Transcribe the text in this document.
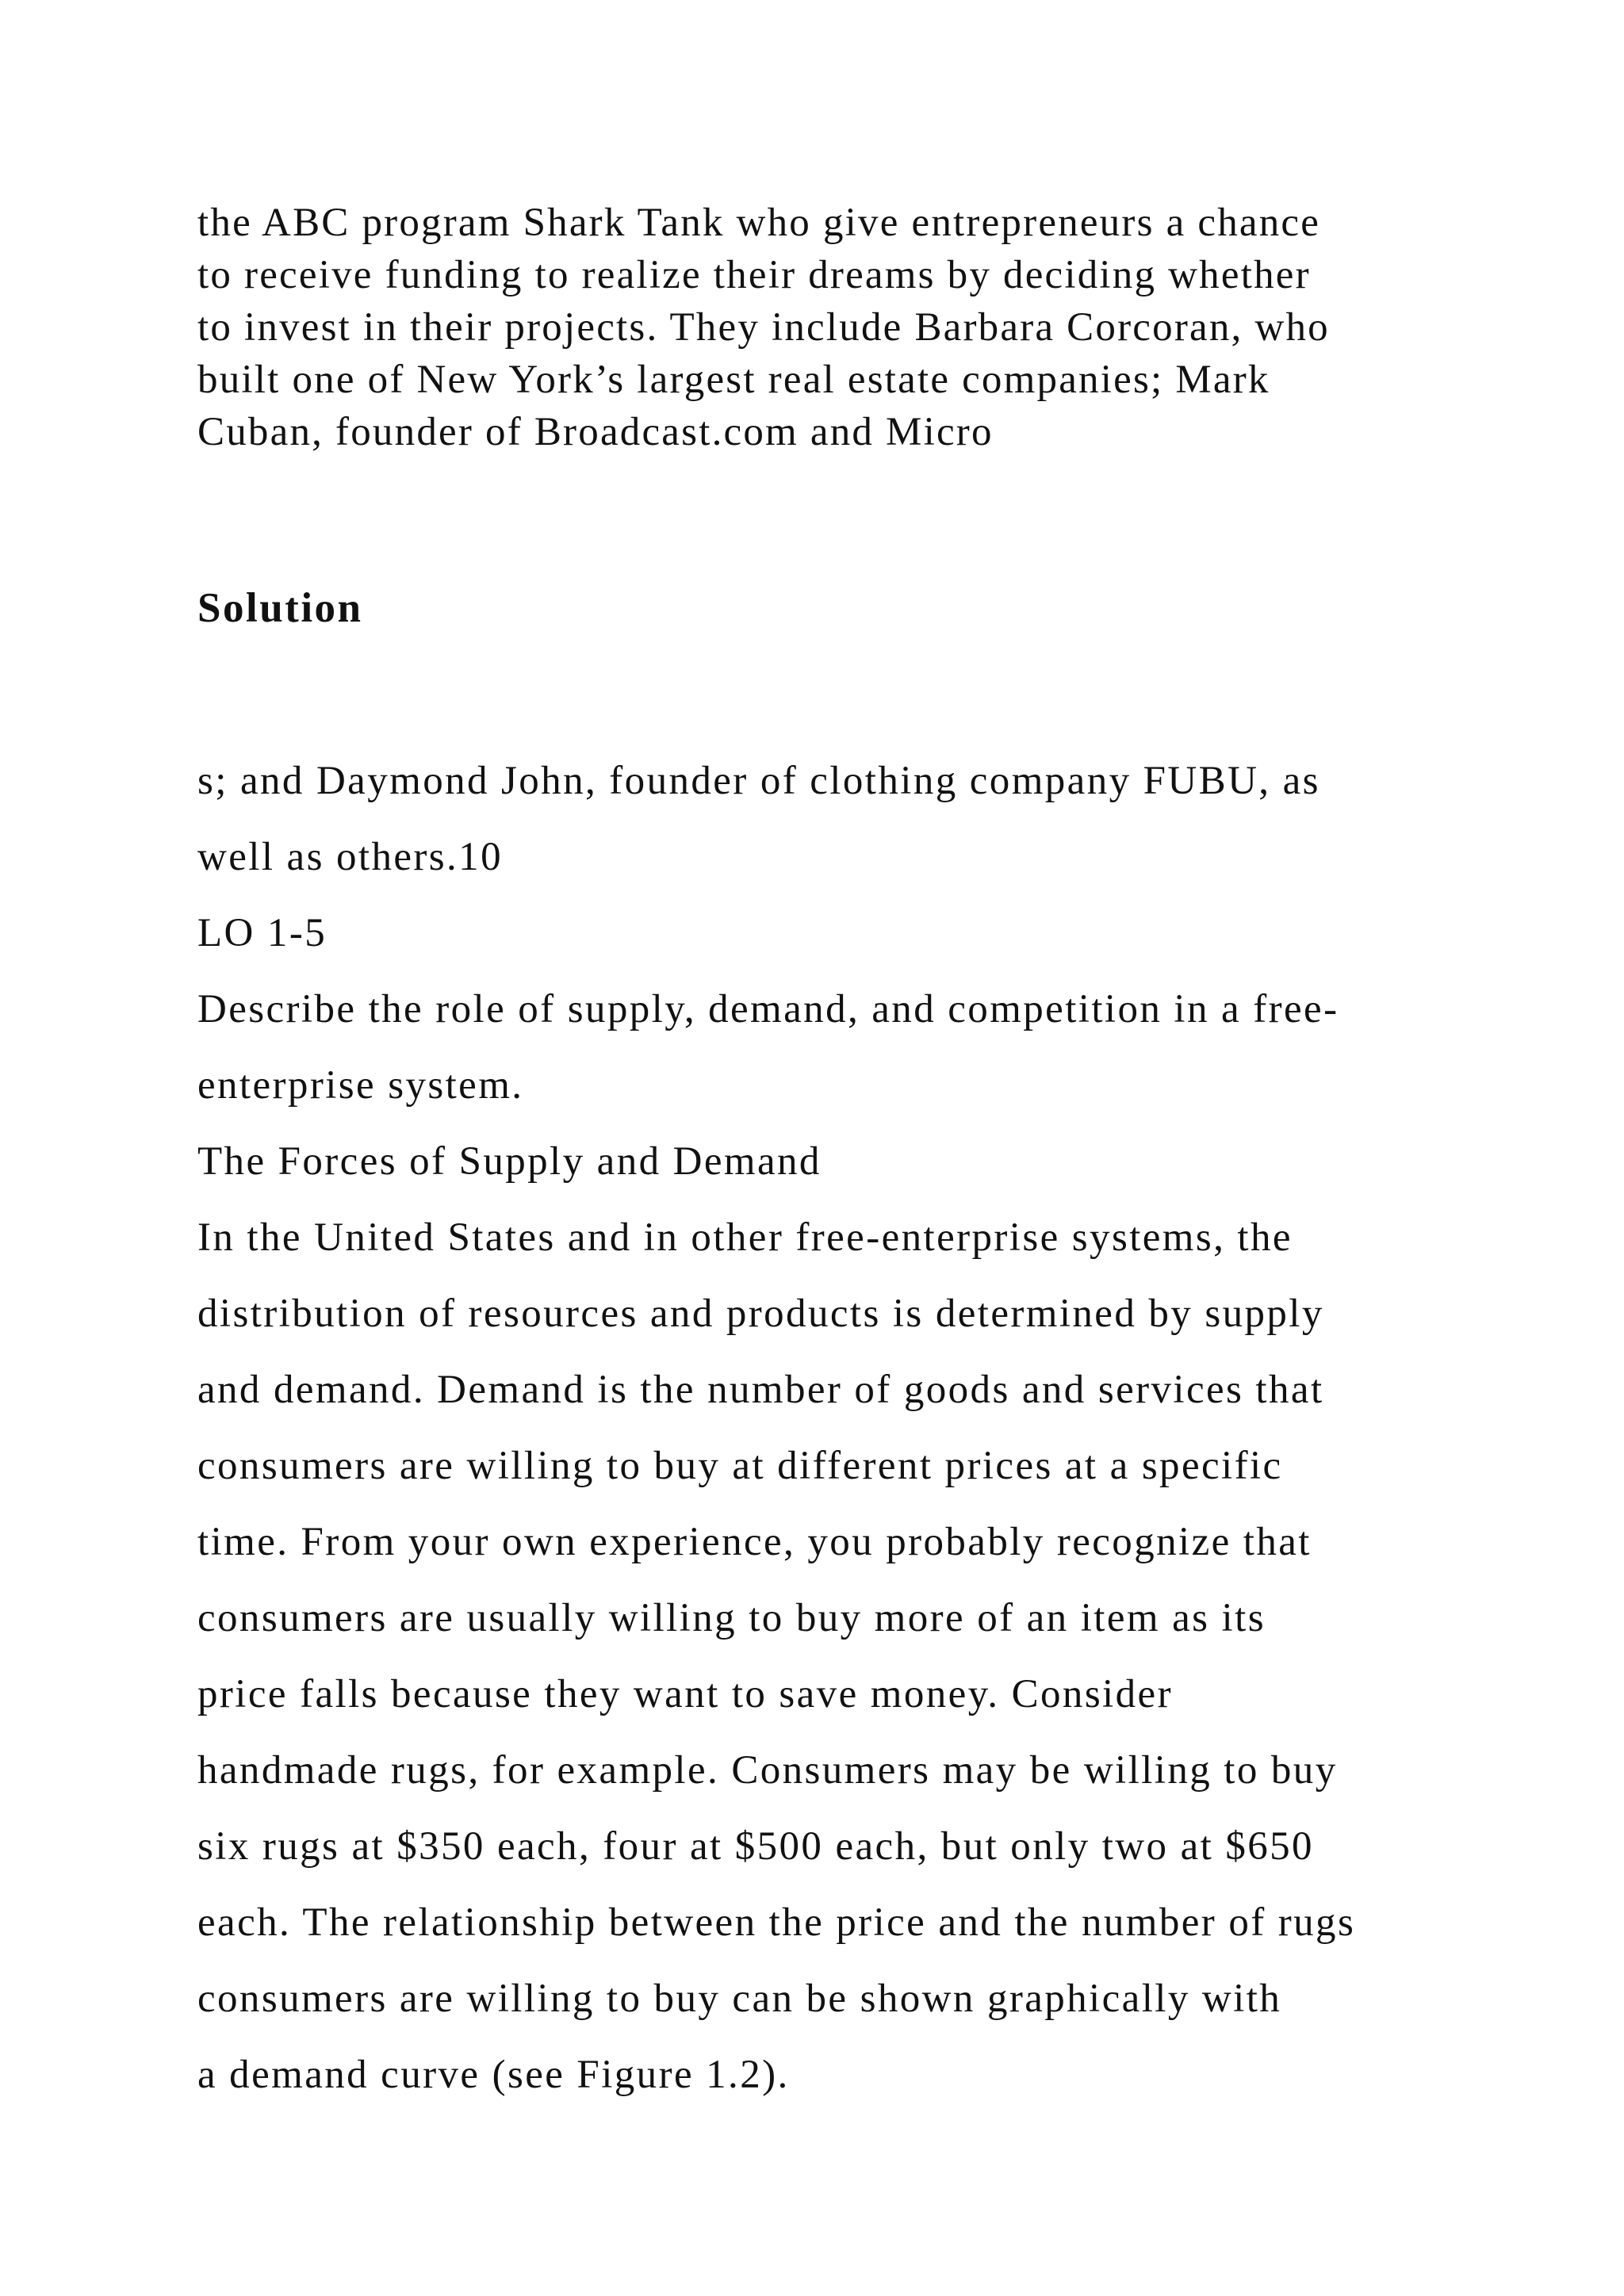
the ABC program Shark Tank who give entrepreneurs a chance
to receive funding to realize their dreams by deciding whether
to invest in their projects. They include Barbara Corcoran, who
built one of New York’s largest real estate companies; Mark
Cuban, founder of Broadcast.com and Micro
Solution
s; and Daymond John, founder of clothing company FUBU, as
well as others.10
LO 1-5
Describe the role of supply, demand, and competition in a free-
enterprise system.
The Forces of Supply and Demand
In the United States and in other free-enterprise systems, the
distribution of resources and products is determined by supply
and demand. Demand is the number of goods and services that
consumers are willing to buy at different prices at a specific
time. From your own experience, you probably recognize that
consumers are usually willing to buy more of an item as its
price falls because they want to save money. Consider
handmade rugs, for example. Consumers may be willing to buy
six rugs at $350 each, four at $500 each, but only two at $650
each. The relationship between the price and the number of rugs
consumers are willing to buy can be shown graphically with
a demand curve (see Figure 1.2).
